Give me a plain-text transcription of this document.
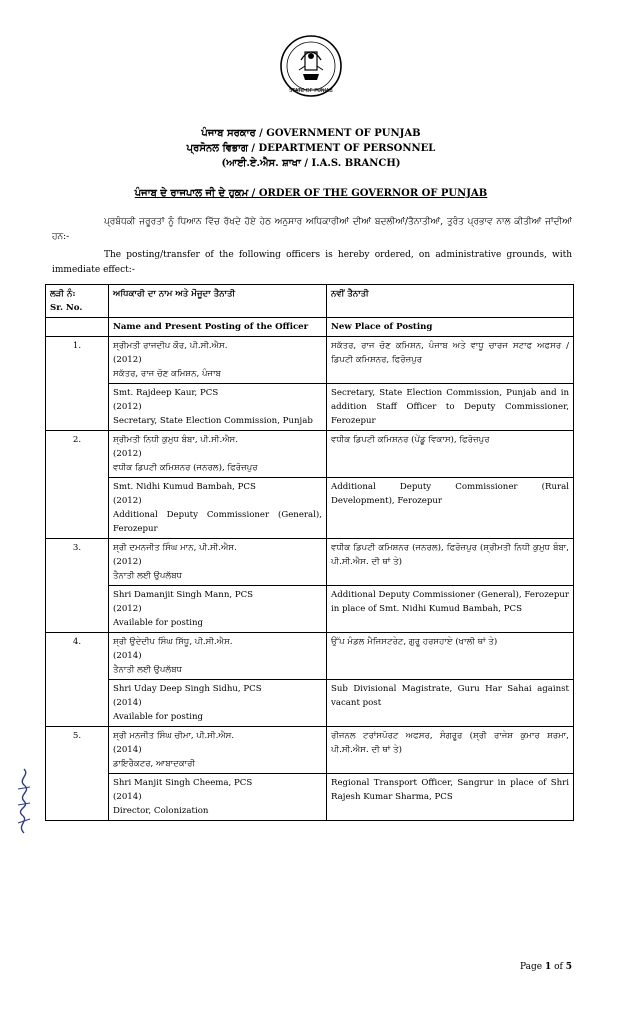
STATE OF PUNJAB
ਪੰਜਾਬ ਸਰਕਾਰ / GOVERNMENT OF PUNJAB
ਪ੍ਰਸੋਨਲ ਵਿਭਾਗ / DEPARTMENT OF PERSONNEL
(ਆਈ.ਏ.ਐਸ. ਸ਼ਾਖਾ / I.A.S. BRANCH)
ਪੰਜਾਬ ਦੇ ਰਾਜਪਾਲ ਜੀ ਦੇ ਹੁਕਮ / ORDER OF THE GOVERNOR OF PUNJAB
ਪ੍ਰਬੰਧਕੀ ਜਰੂਰਤਾਂ ਨੂੰ ਧਿਆਨ ਵਿੱਚ ਰੱਖਦੇ ਹੋਏ ਹੇਠ ਅਨੁਸਾਰ ਅਧਿਕਾਰੀਆਂ ਦੀਆਂ ਬਦਲੀਆਂ/ਤੈਨਾਤੀਆਂ, ਤੁਰੰਤ ਪ੍ਰਭਾਵ ਨਾਲ ਕੀਤੀਆਂ ਜਾਂਦੀਆਂ ਹਨ:-
The posting/transfer of the following officers is hereby ordered, on administrative grounds, with immediate effect:-
ਲੜੀ ਨੰ:
Sr. No.	ਅਧਿਕਾਰੀ ਦਾ ਨਾਮ ਅਤੇ ਮੌਜੂਦਾ ਤੈਨਾਤੀ	ਨਵੀਂ ਤੈਨਾਤੀ

	Name and Present Posting of the Officer	New Place of Posting
1.	ਸ਼੍ਰੀਮਤੀ ਰਾਜਦੀਪ ਕੌਰ, ਪੀ.ਸੀ.ਐਸ.
(2012)
ਸਕੱਤਰ, ਰਾਜ ਚੋਣ ਕਮਿਸ਼ਨ, ਪੰਜਾਬ	ਸਕੱਤਰ, ਰਾਜ ਚੋਣ ਕਮਿਸ਼ਨ, ਪੰਜਾਬ ਅਤੇ ਵਾਧੂ ਚਾਰਜ ਸਟਾਫ ਅਫਸਰ / ਡਿਪਟੀ ਕਮਿਸ਼ਨਰ, ਫਿਰੋਜ਼ਪੁਰ

	Smt. Rajdeep Kaur, PCS
(2012)
Secretary, State Election Commission, Punjab	Secretary, State Election Commission, Punjab and in addition Staff Officer to Deputy Commissioner, Ferozepur
2.	ਸ਼੍ਰੀਮਤੀ ਨਿਧੀ ਕੁਮੁਧ ਬੰਬਾ, ਪੀ.ਸੀ.ਐਸ.
(2012)
ਵਧੀਕ ਡਿਪਟੀ ਕਮਿਸ਼ਨਰ (ਜਨਰਲ), ਫਿਰੋਜ਼ਪੁਰ	ਵਧੀਕ ਡਿਪਟੀ ਕਮਿਸ਼ਨਰ (ਪੇਂਡੂ ਵਿਕਾਸ), ਫਿਰੋਜ਼ਪੁਰ

	Smt. Nidhi Kumud Bambah, PCS
(2012)
Additional Deputy Commissioner (General), Ferozepur	Additional Deputy Commissioner (Rural Development), Ferozepur
3.	ਸ਼੍ਰੀ ਦਮਨਜੀਤ ਸਿੰਘ ਮਾਨ, ਪੀ.ਸੀ.ਐਸ.
(2012)
ਤੈਨਾਤੀ ਲਈ ਉਪਲੱਬਧ	ਵਧੀਕ ਡਿਪਟੀ ਕਮਿਸ਼ਨਰ (ਜਨਰਲ), ਫਿਰੋਜ਼ਪੁਰ (ਸ਼੍ਰੀਮਤੀ ਨਿਧੀ ਕੁਮੁਧ ਬੰਬਾ, ਪੀ.ਸੀ.ਐਸ. ਦੀ ਥਾਂ ਤੇ)

	Shri Damanjit Singh Mann, PCS
(2012)
Available for posting	Additional Deputy Commissioner (General), Ferozepur in place of Smt. Nidhi Kumud Bambah, PCS
4.	ਸ਼੍ਰੀ ਉਦੇਦੀਪ ਸਿੰਘ ਸਿੱਧੂ, ਪੀ.ਸੀ.ਐਸ.
(2014)
ਤੈਨਾਤੀ ਲਈ ਉਪਲੱਬਧ	ਉੱਪ ਮੰਡਲ ਮੈਜਿਸਟਰੇਟ, ਗੁਰੂ ਹਰਸਹਾਏ (ਖਾਲੀ ਥਾਂ ਤੇ)

	Shri Uday Deep Singh Sidhu, PCS
(2014)
Available for posting	Sub Divisional Magistrate, Guru Har Sahai against vacant post
5.	ਸ਼੍ਰੀ ਮਨਜੀਤ ਸਿੰਘ ਚੀਮਾ, ਪੀ.ਸੀ.ਐਸ.
(2014)
ਡਾਇਰੈਕਟਰ, ਆਬਾਦਕਾਰੀ	ਰੀਜਨਲ ਟਰਾਂਸਪੋਰਟ ਅਫਸਰ, ਸੰਗਰੂਰ (ਸ਼੍ਰੀ ਰਾਜੇਸ਼ ਕੁਮਾਰ ਸ਼ਰਮਾ, ਪੀ.ਸੀ.ਐਸ. ਦੀ ਥਾਂ ਤੇ)

	Shri Manjit Singh Cheema, PCS
(2014)
Director, Colonization	Regional Transport Officer, Sangrur in place of Shri Rajesh Kumar Sharma, PCS
Page 1 of 5
